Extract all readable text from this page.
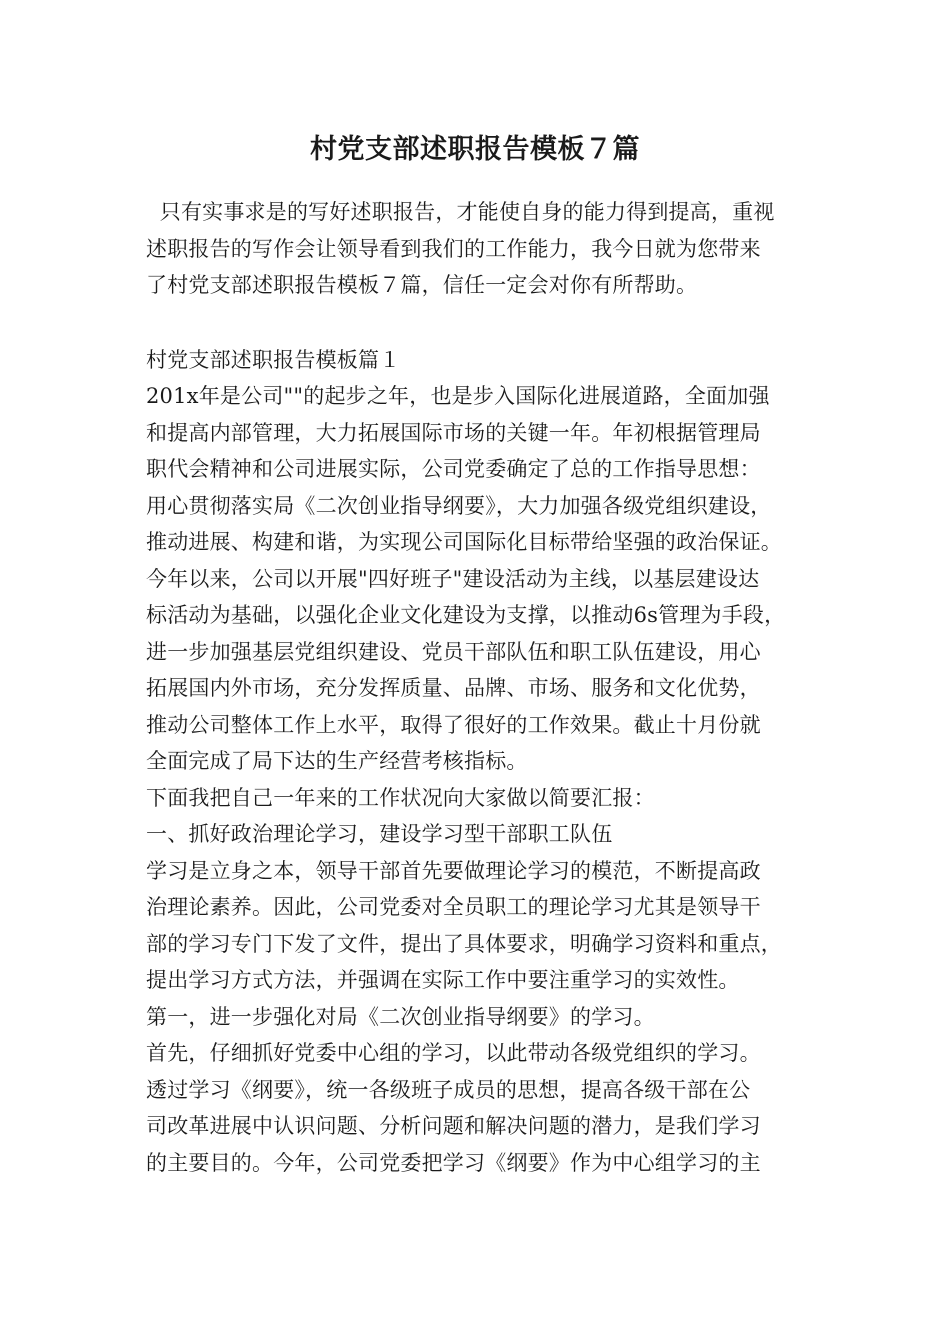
村党支部述职报告模板７篇
只有实事求是的写好述职报告，才能使自身的能力得到提高，重视
述职报告的写作会让领导看到我们的工作能力，我今日就为您带来
了村党支部述职报告模板７篇，信任一定会对你有所帮助。
村党支部述职报告模板篇１
201x年是公司""的起步之年，也是步入国际化进展道路，全面加强
和提高内部管理，大力拓展国际市场的关键一年。年初根据管理局
职代会精神和公司进展实际，公司党委确定了总的工作指导思想：
用心贯彻落实局《二次创业指导纲要》，大力加强各级党组织建设，
推动进展、构建和谐，为实现公司国际化目标带给坚强的政治保证。
今年以来，公司以开展"四好班子"建设活动为主线，以基层建设达
标活动为基础，以强化企业文化建设为支撑，以推动6s管理为手段，
进一步加强基层党组织建设、党员干部队伍和职工队伍建设，用心
拓展国内外市场，充分发挥质量、品牌、市场、服务和文化优势，
推动公司整体工作上水平，取得了很好的工作效果。截止十月份就
全面完成了局下达的生产经营考核指标。
下面我把自己一年来的工作状况向大家做以简要汇报：
一、抓好政治理论学习，建设学习型干部职工队伍
学习是立身之本，领导干部首先要做理论学习的模范，不断提高政
治理论素养。因此，公司党委对全员职工的理论学习尤其是领导干
部的学习专门下发了文件，提出了具体要求，明确学习资料和重点，
提出学习方式方法，并强调在实际工作中要注重学习的实效性。
第一，进一步强化对局《二次创业指导纲要》的学习。
首先，仔细抓好党委中心组的学习，以此带动各级党组织的学习。
透过学习《纲要》，统一各级班子成员的思想，提高各级干部在公
司改革进展中认识问题、分析问题和解决问题的潜力，是我们学习
的主要目的。今年，公司党委把学习《纲要》作为中心组学习的主
